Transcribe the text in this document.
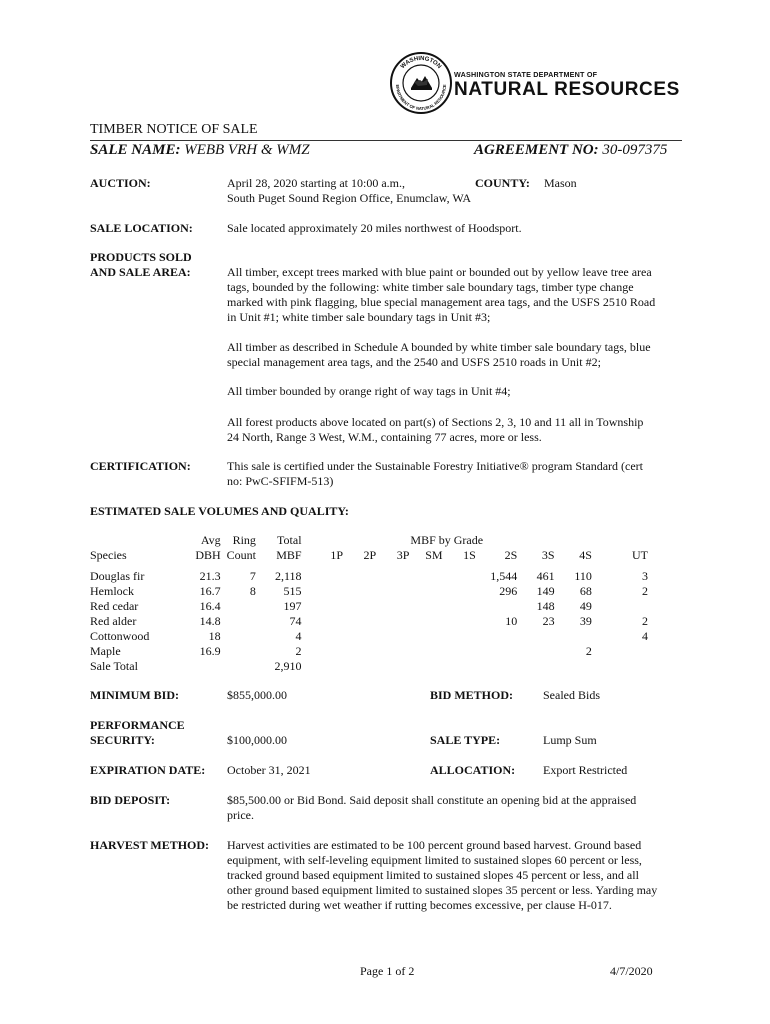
WASHINGTON
EPARTMENT OF NATURAL RESOURCE
WASHINGTON STATE DEPARTMENT OF
NATURAL RESOURCES
TIMBER NOTICE OF SALE
SALE NAME: WEBB VRH & WMZ	AGREEMENT NO: 30-097375
AUCTION:	April 28, 2020 starting at 10:00 a.m.,
South Puget Sound Region Office, Enumclaw, WA
COUNTY: Mason
SALE LOCATION:	Sale located approximately 20 miles northwest of Hoodsport.
PRODUCTS SOLD
AND SALE AREA:	All timber, except trees marked with blue paint or bounded out by yellow leave tree area
tags, bounded by the following: white timber sale boundary tags, timber type change
marked with pink flagging, blue special management area tags, and the USFS 2510 Road
in Unit #1; white timber sale boundary tags in Unit #3;
All timber as described in Schedule A bounded by white timber sale boundary tags, blue
special management area tags, and the 2540 and USFS 2510 roads in Unit #2;
All timber bounded by orange right of way tags in Unit #4;
All forest products above located on part(s) of Sections 2, 3, 10 and 11 all in Township
24 North, Range 3 West, W.M., containing 77 acres, more or less.
CERTIFICATION:	This sale is certified under the Sustainable Forestry Initiative® program Standard (cert
no: PwC-SFIFM-513)
ESTIMATED SALE VOLUMES AND QUALITY:
	Avg	Ring	Total			MBF by Grade						
Species	DBH	Count	MBF	1P	2P	3P	SM	1S	2S	3S	4S	UT

Douglas fir	21.3	7	2,118						1,544	461	110	3
Hemlock	16.7	8	515						296	149	68	2
Red cedar	16.4		197							148	49	
Red alder	14.8		74						10	23	39	2
Cottonwood	18		4									4
Maple	16.9		2								2	
Sale Total			2,910									
MINIMUM BID:	$855,000.00	BID METHOD: Sealed Bids
PERFORMANCE
SECURITY:	$100,000.00	SALE TYPE:	Lump Sum
EXPIRATION DATE: October 31, 2021	ALLOCATION: Export Restricted
BID DEPOSIT:	$85,500.00 or Bid Bond. Said deposit shall constitute an opening bid at the appraised
price.
HARVEST METHOD: Harvest activities are estimated to be 100 percent ground based harvest. Ground based
equipment, with self-leveling equipment limited to sustained slopes 60 percent or less,
tracked ground based equipment limited to sustained slopes 45 percent or less, and all
other ground based equipment limited to sustained slopes 35 percent or less. Yarding may
be restricted during wet weather if rutting becomes excessive, per clause H-017.
Page 1 of 2	4/7/2020
